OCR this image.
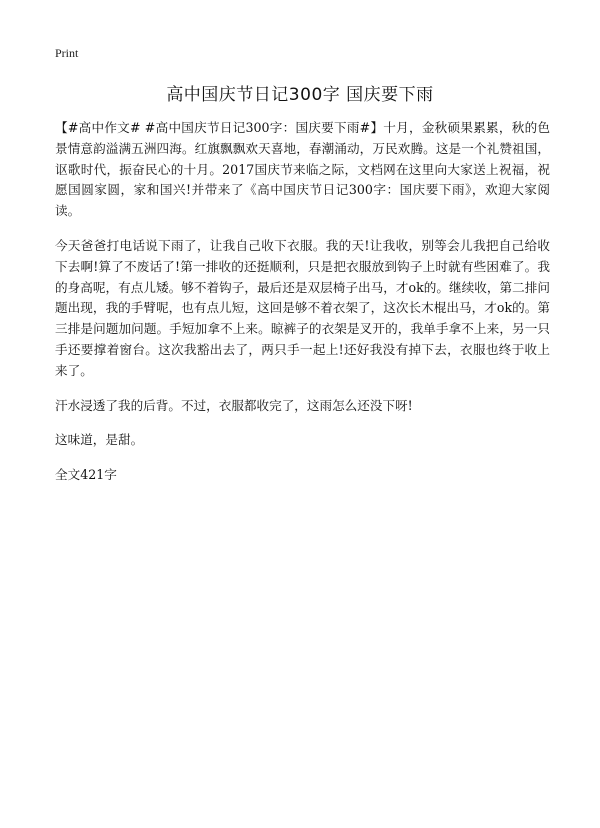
Print
高中国庆节日记300字 国庆要下雨

【#高中作文# #高中国庆节日记300字：国庆要下雨#】十月，金秋硕果累累，秋的色景情意韵溢满五洲四海。红旗飘飘欢天喜地，春潮涌动，万民欢腾。这是一个礼赞祖国，讴歌时代，振奋民心的十月。2017国庆节来临之际，文档网在这里向大家送上祝福，祝愿国圆家圆，家和国兴!并带来了《高中国庆节日记300字：国庆要下雨》，欢迎大家阅读。

今天爸爸打电话说下雨了，让我自己收下衣服。我的天!让我收，别等会儿我把自己给收下去啊!算了不废话了!第一排收的还挺顺利，只是把衣服放到钩子上时就有些困难了。我的身高呢，有点儿矮。够不着钩子，最后还是双层椅子出马，才ok的。继续收，第二排问题出现，我的手臂呢，也有点儿短，这回是够不着衣架了，这次长木棍出马，才ok的。第三排是问题加问题。手短加拿不上来。晾裤子的衣架是叉开的，我单手拿不上来，另一只手还要撑着窗台。这次我豁出去了，两只手一起上!还好我没有掉下去，衣服也终于收上来了。

汗水浸透了我的后背。不过，衣服都收完了，这雨怎么还没下呀!

这味道，是甜。

全文421字
